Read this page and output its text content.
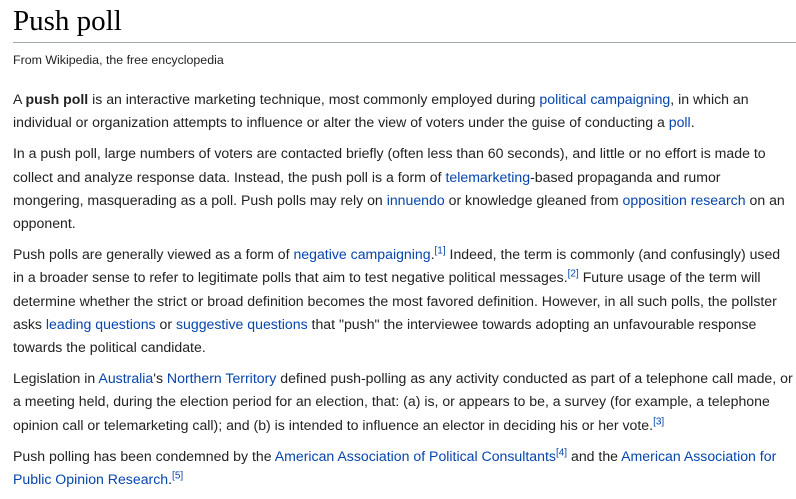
Push poll
From Wikipedia, the free encyclopedia

A push poll is an interactive marketing technique, most commonly employed during political campaigning, in which an individual or organization attempts to influence or alter the view of voters under the guise of conducting a poll.

In a push poll, large numbers of voters are contacted briefly (often less than 60 seconds), and little or no effort is made to collect and analyze response data. Instead, the push poll is a form of telemarketing-based propaganda and rumor mongering, masquerading as a poll. Push polls may rely on innuendo or knowledge gleaned from opposition research on an opponent.

Push polls are generally viewed as a form of negative campaigning.[1] Indeed, the term is commonly (and confusingly) used in a broader sense to refer to legitimate polls that aim to test negative political messages.[2] Future usage of the term will determine whether the strict or broad definition becomes the most favored definition. However, in all such polls, the pollster asks leading questions or suggestive questions that "push" the interviewee towards adopting an unfavourable response towards the political candidate.

Legislation in Australia's Northern Territory defined push-polling as any activity conducted as part of a telephone call made, or a meeting held, during the election period for an election, that: (a) is, or appears to be, a survey (for example, a telephone opinion call or telemarketing call); and (b) is intended to influence an elector in deciding his or her vote.[3]

Push polling has been condemned by the American Association of Political Consultants[4] and the American Association for Public Opinion Research.[5]
